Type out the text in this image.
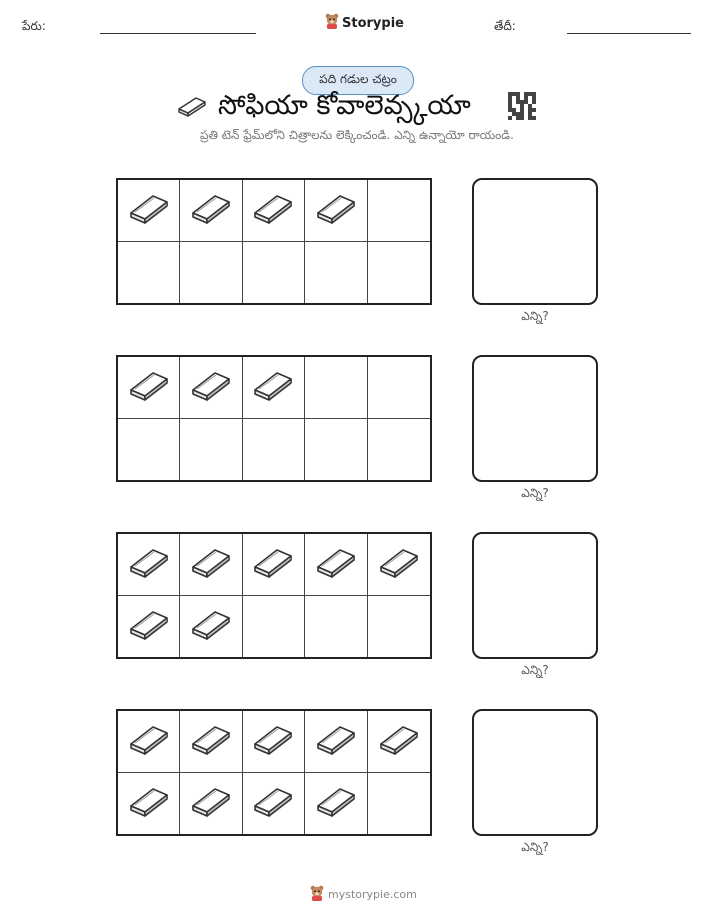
పేరు:	Storypie	తేదీ:
పది గడుల చట్రం
సోఫియా కోవాలెవ్స్కయా
ప్రతి టెన్ ఫ్రేమ్‌లోని చిత్రాలను లెక్కించండి. ఎన్ని ఉన్నాయో రాయండి.
ఎన్ని?
ఎన్ని?
ఎన్ని?
ఎన్ని?
mystorypie.com
